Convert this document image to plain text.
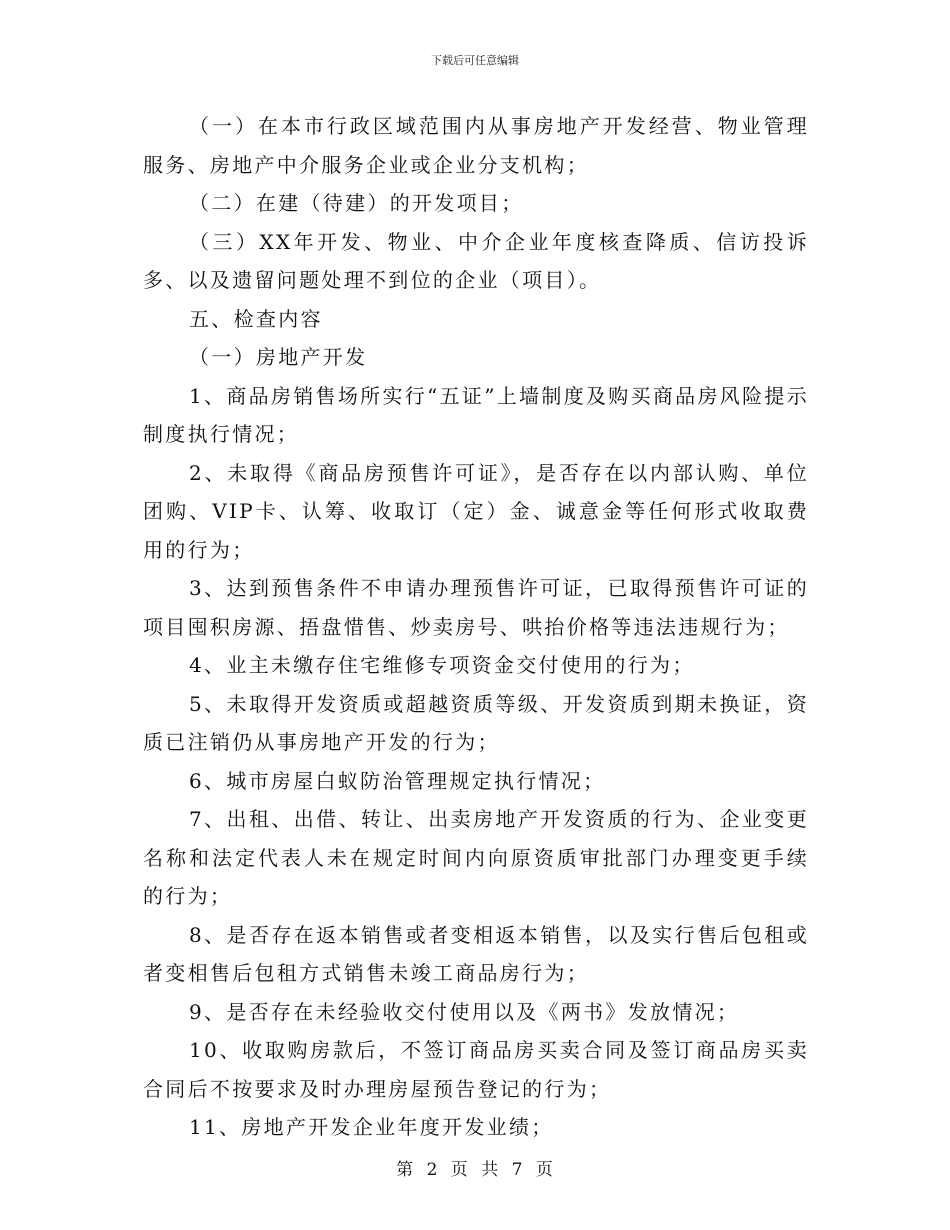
下载后可任意编辑

（一）在本市行政区域范围内从事房地产开发经营、物业管理服务、房地产中介服务企业或企业分支机构；

（二）在建（待建）的开发项目；

（三）XX年开发、物业、中介企业年度核查降质、信访投诉多、以及遗留问题处理不到位的企业（项目）。

五、检查内容

（一）房地产开发

1、商品房销售场所实行“五证”上墙制度及购买商品房风险提示制度执行情况；

2、未取得《商品房预售许可证》，是否存在以内部认购、单位团购、VIP卡、认筹、收取订（定）金、诚意金等任何形式收取费用的行为；

3、达到预售条件不申请办理预售许可证，已取得预售许可证的项目囤积房源、捂盘惜售、炒卖房号、哄抬价格等违法违规行为；

4、业主未缴存住宅维修专项资金交付使用的行为；

5、未取得开发资质或超越资质等级、开发资质到期未换证，资质已注销仍从事房地产开发的行为；

6、城市房屋白蚁防治管理规定执行情况；

7、出租、出借、转让、出卖房地产开发资质的行为、企业变更名称和法定代表人未在规定时间内向原资质审批部门办理变更手续的行为；

8、是否存在返本销售或者变相返本销售，以及实行售后包租或者变相售后包租方式销售未竣工商品房行为；

9、是否存在未经验收交付使用以及《两书》发放情况；

10、收取购房款后，不签订商品房买卖合同及签订商品房买卖合同后不按要求及时办理房屋预告登记的行为；

11、房地产开发企业年度开发业绩；

第 2 页 共 7 页
